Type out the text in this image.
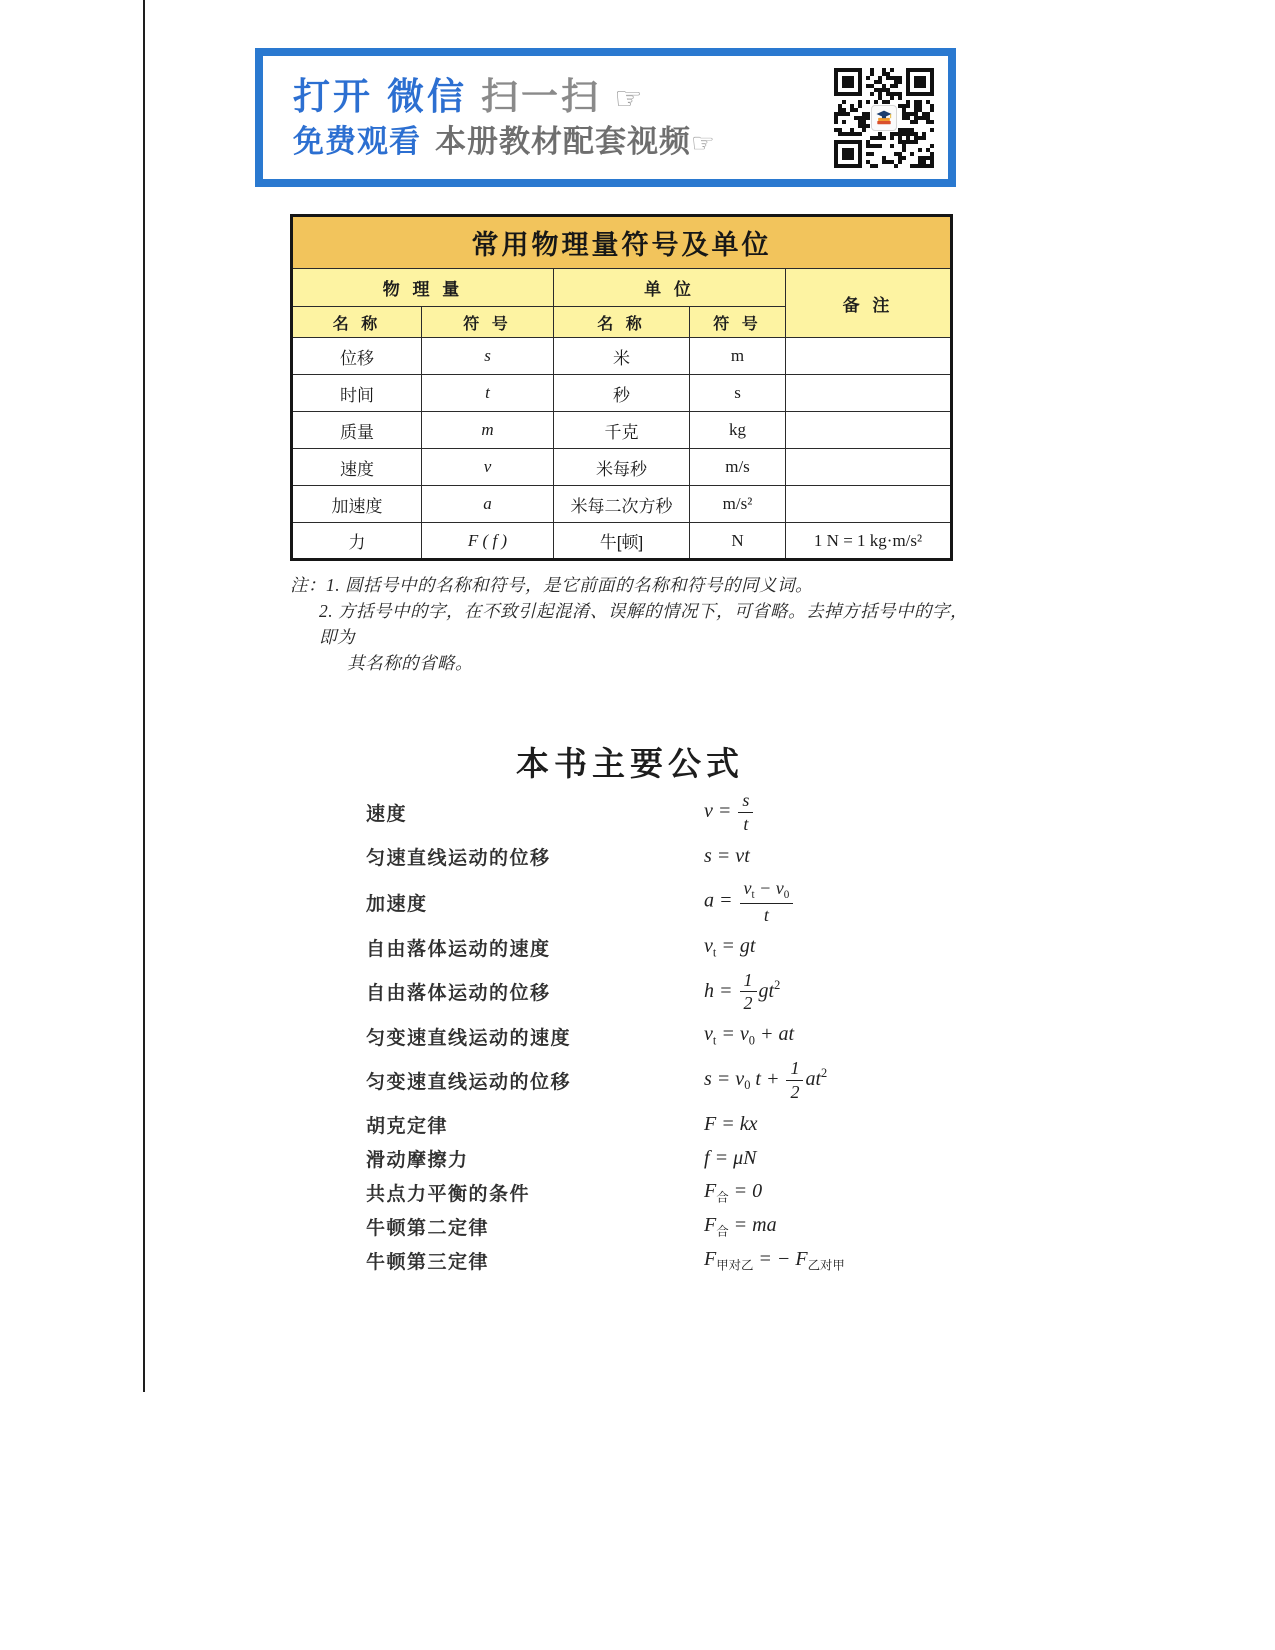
打开 微信 扫一扫 ☞
免费观看 本册教材配套视频☞
常用物理量符号及单位				
物 理 量		单 位		备 注
名 称	符 号	名 称	符 号	
位移	s	米	m	
时间	t	秒	s	
质量	m	千克	kg	
速度	v	米每秒	m/s	
加速度	a	米每二次方秒	m/s²	
力	F ( f )	牛[顿]	N	1 N = 1 kg·m/s²
注：1. 圆括号中的名称和符号，是它前面的名称和符号的同义词。
2. 方括号中的字，在不致引起混淆、误解的情况下，可省略。去掉方括号中的字，即为
其名称的省略。
本书主要公式
速度	$v = \frac{s}{t}$
匀速直线运动的位移	s = vt
加速度	$a = \frac{v_t - v_0}{t}$
自由落体运动的速度	$v_t$ = gt
自由落体运动的位移	$h = \frac{1}{2} gt^2$
匀变速直线运动的速度	$v_t = v_0$ + at
匀变速直线运动的位移	$s = v_0$ $t + \frac{1}{2} at^2$
胡克定律	F = kx
滑动摩擦力	f = μN
共点力平衡的条件	$F_合 = 0$
牛顿第二定律	$F_合$ = ma
牛顿第三定律	$F_{甲对乙}$ = − $F_{乙对甲}$
